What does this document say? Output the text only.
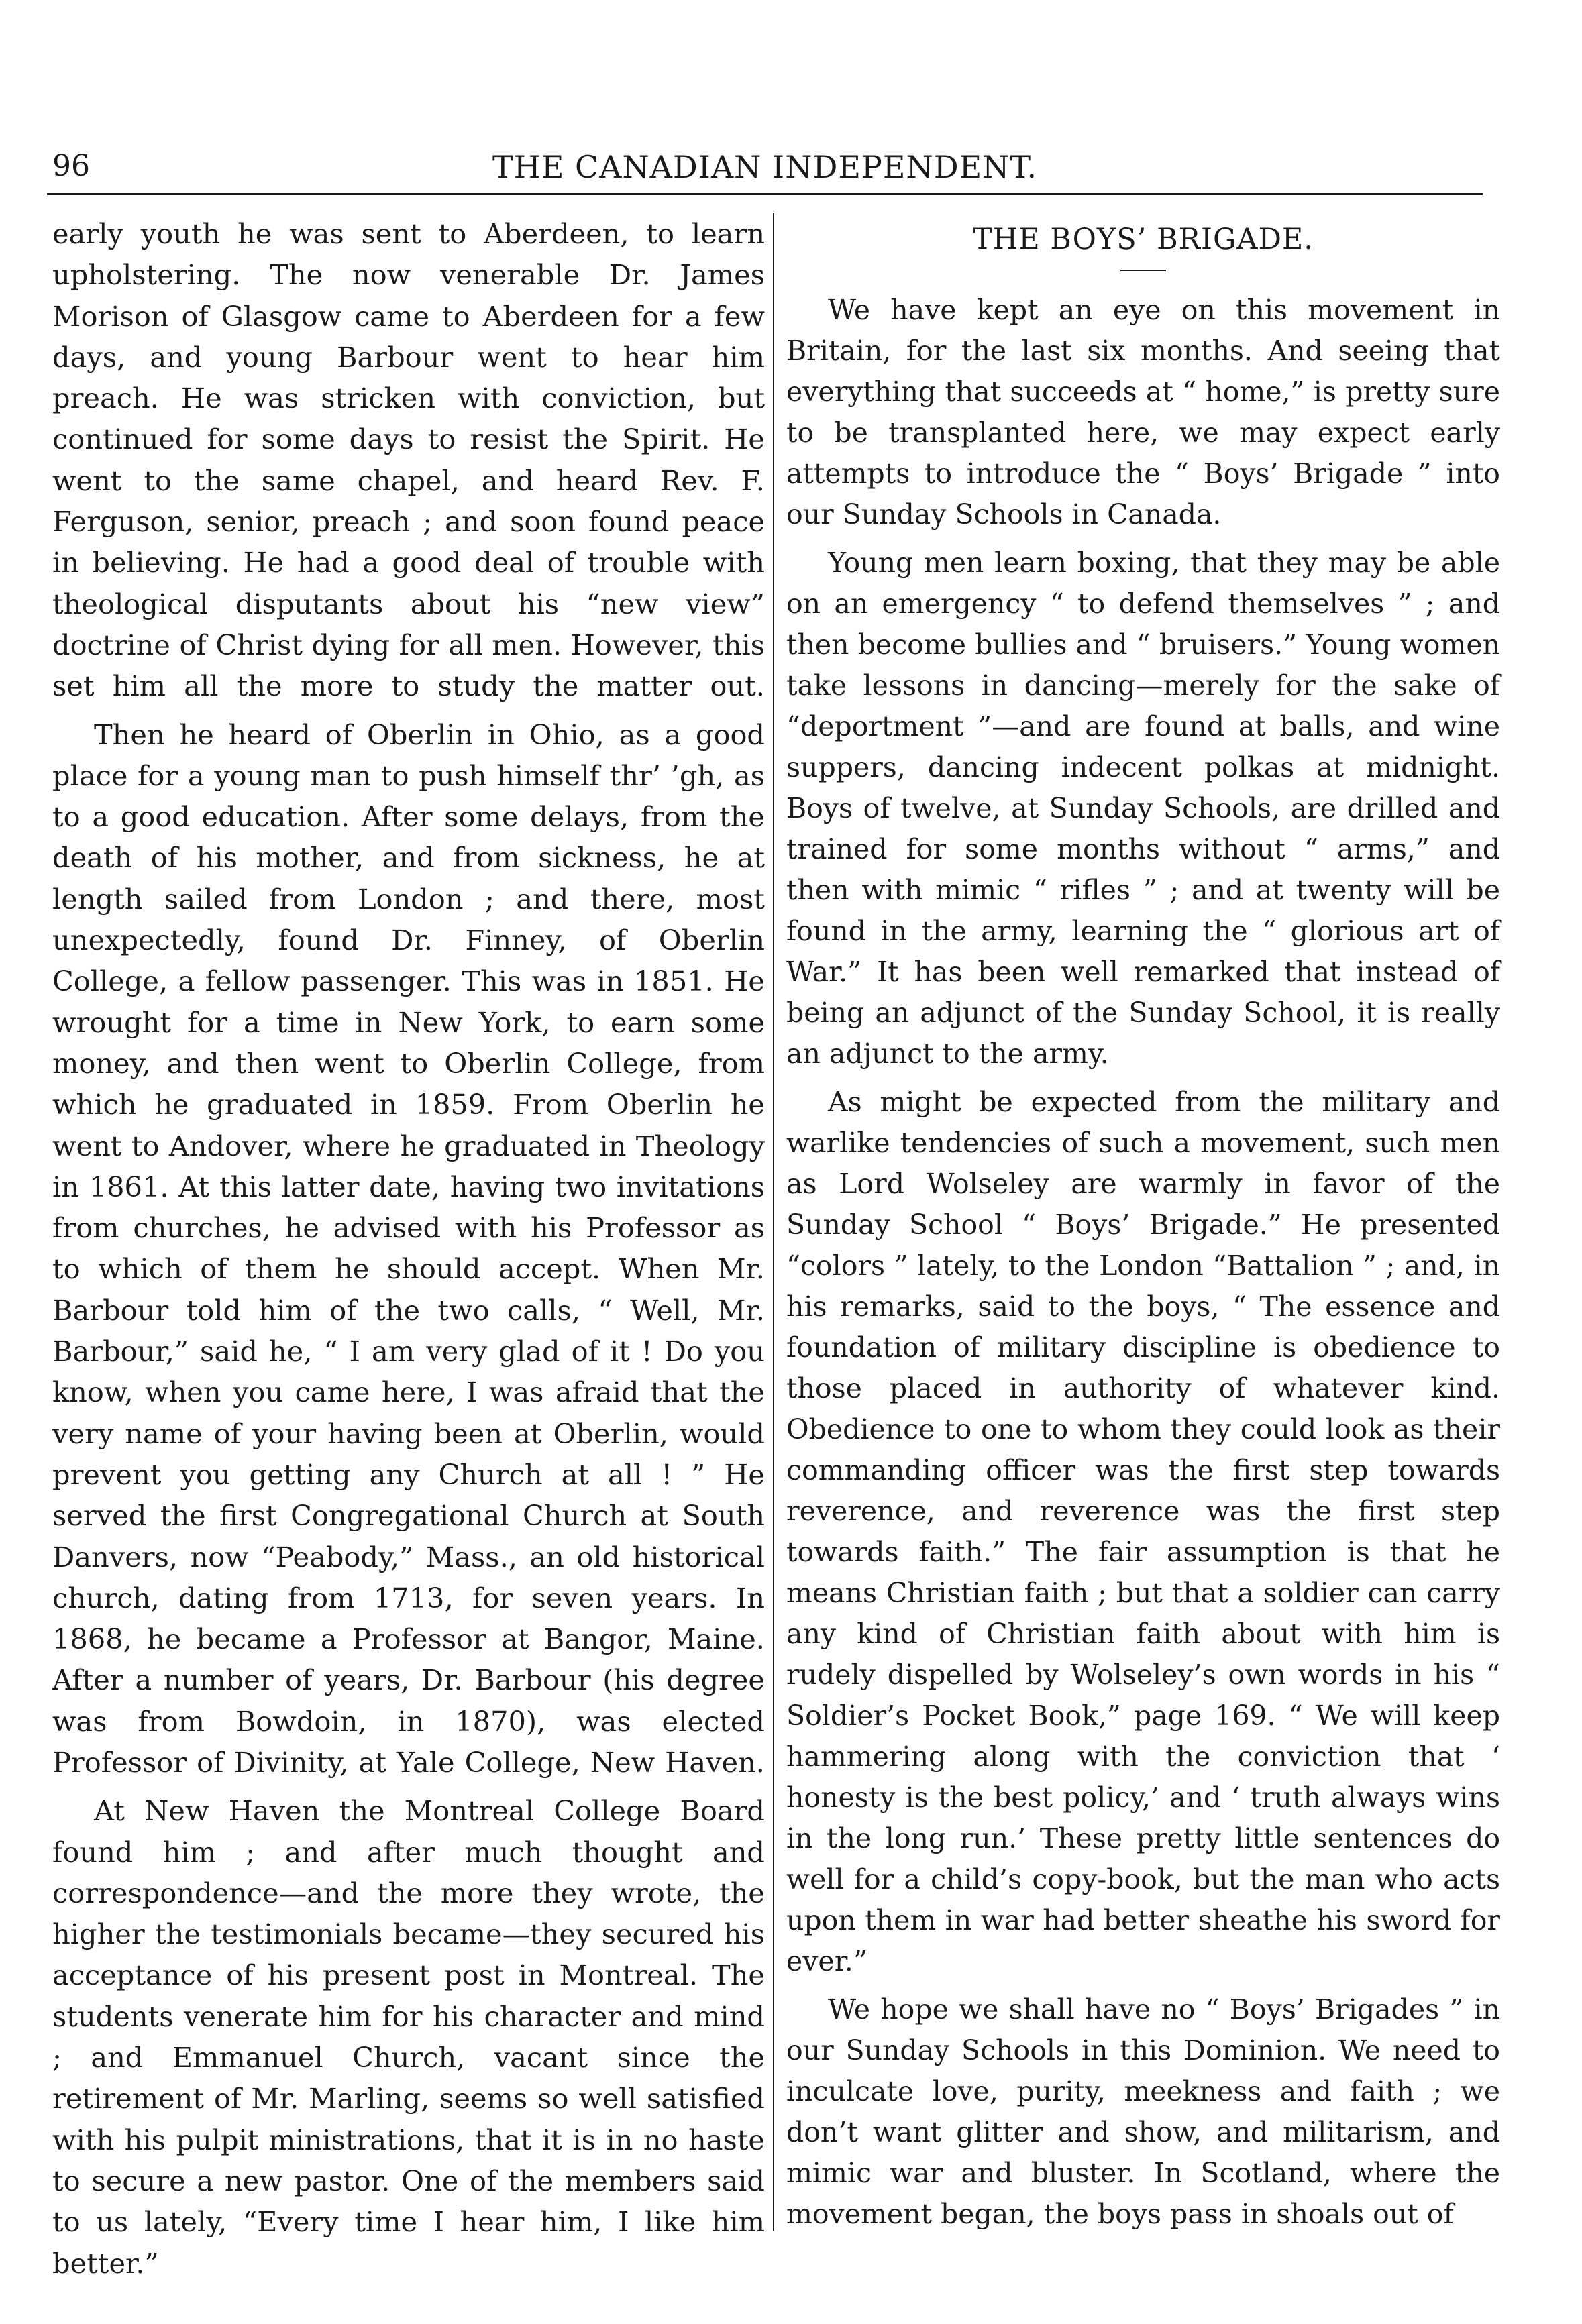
96	THE CANADIAN INDEPENDENT.

early youth he was sent to Aberdeen, to learn upholstering. The now venerable Dr. James Morison of Glasgow came to Aberdeen for a few days, and young Barbour went to hear him preach. He was stricken with conviction, but continued for some days to resist the Spirit. He went to the same chapel, and heard Rev. F. Ferguson, senior, preach ; and soon found peace in believing. He had a good deal of trouble with theological disputants about his “new view” doctrine of Christ dying for all men. However, this set him all the more to study the matter out.

Then he heard of Oberlin in Ohio, as a good place for a young man to push himself thr’ ’gh, as to a good education. After some delays, from the death of his mother, and from sickness, he at length sailed from London ; and there, most unexpectedly, found Dr. Finney, of Oberlin College, a fellow passenger. This was in 1851. He wrought for a time in New York, to earn some money, and then went to Oberlin College, from which he graduated in 1859. From Oberlin he went to Andover, where he graduated in Theology in 1861. At this latter date, having two invitations from churches, he advised with his Professor as to which of them he should accept. When Mr. Barbour told him of the two calls, “ Well, Mr. Barbour,” said he, “ I am very glad of it ! Do you know, when you came here, I was afraid that the very name of your having been at Oberlin, would prevent you getting any Church at all ! ” He served the first Congregational Church at South Danvers, now “Peabody,” Mass., an old historical church, dating from 1713, for seven years. In 1868, he became a Professor at Bangor, Maine. After a number of years, Dr. Barbour (his degree was from Bowdoin, in 1870), was elected Professor of Divinity, at Yale College, New Haven.

At New Haven the Montreal College Board found him ; and after much thought and correspondence—and the more they wrote, the higher the testimonials became—they secured his acceptance of his present post in Montreal. The students venerate him for his character and mind ; and Emmanuel Church, vacant since the retirement of Mr. Marling, seems so well satisfied with his pulpit ministrations, that it is in no haste to secure a new pastor. One of the members said to us lately, “Every time I hear him, I like him better.”

THE BOYS’ BRIGADE.

We have kept an eye on this movement in Britain, for the last six months. And seeing that everything that succeeds at “ home,” is pretty sure to be transplanted here, we may expect early attempts to introduce the “ Boys’ Brigade ” into our Sunday Schools in Canada.

Young men learn boxing, that they may be able on an emergency “ to defend themselves ” ; and then become bullies and “ bruisers.” Young women take lessons in dancing—merely for the sake of “deportment ”—and are found at balls, and wine suppers, dancing indecent polkas at midnight. Boys of twelve, at Sunday Schools, are drilled and trained for some months without “ arms,” and then with mimic “ rifles ” ; and at twenty will be found in the army, learning the “ glorious art of War.” It has been well remarked that instead of being an adjunct of the Sunday School, it is really an adjunct to the army.

As might be expected from the military and warlike tendencies of such a movement, such men as Lord Wolseley are warmly in favor of the Sunday School “ Boys’ Brigade.” He presented “colors ” lately, to the London “Battalion ” ; and, in his remarks, said to the boys, “ The essence and foundation of military discipline is obedience to those placed in authority of whatever kind. Obedience to one to whom they could look as their commanding officer was the first step towards reverence, and reverence was the first step towards faith.” The fair assumption is that he means Christian faith ; but that a soldier can carry any kind of Christian faith about with him is rudely dispelled by Wolseley’s own words in his “ Soldier’s Pocket Book,” page 169. “ We will keep hammering along with the conviction that ‘ honesty is the best policy,’ and ‘ truth always wins in the long run.’ These pretty little sentences do well for a child’s copy-book, but the man who acts upon them in war had better sheathe his sword for ever.”

We hope we shall have no “ Boys’ Brigades ” in our Sunday Schools in this Dominion. We need to inculcate love, purity, meekness and faith ; we don’t want glitter and show, and militarism, and mimic war and bluster. In Scotland, where the movement began, the boys pass in shoals out of
